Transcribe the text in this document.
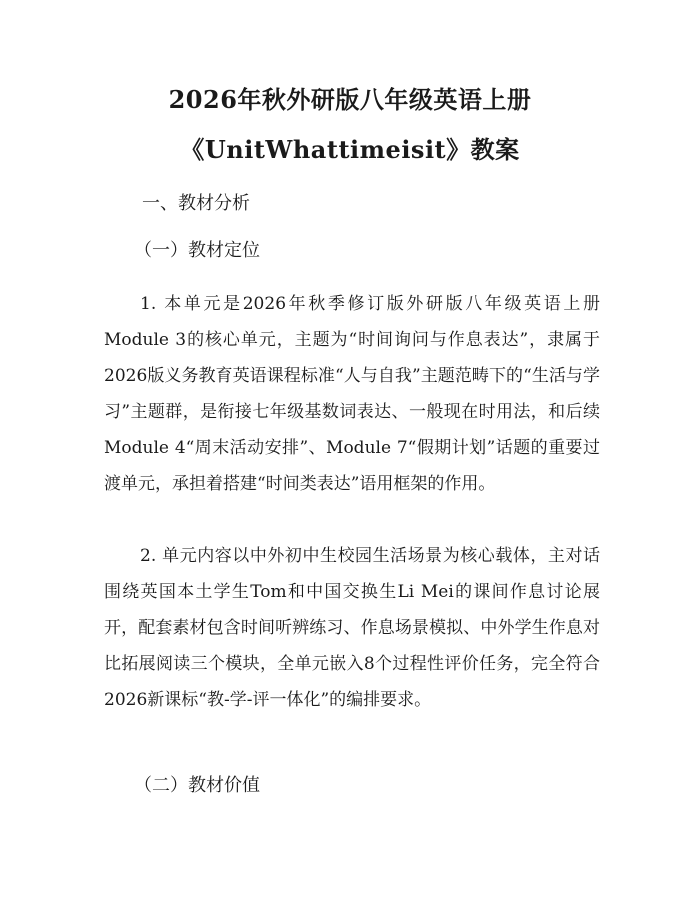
2026年秋外研版八年级英语上册
《UnitWhattimeisit》教案
一、教材分析
（一）教材定位

1. 本单元是2026年秋季修订版外研版八年级英语上册Module 3的核心单元，主题为“时间询问与作息表达”，隶属于2026版义务教育英语课程标准“人与自我”主题范畴下的“生活与学习”主题群，是衔接七年级基数词表达、一般现在时用法，和后续Module 4“周末活动安排”、Module 7“假期计划”话题的重要过渡单元，承担着搭建“时间类表达”语用框架的作用。

2. 单元内容以中外初中生校园生活场景为核心载体，主对话围绕英国本土学生Tom和中国交换生Li Mei的课间作息讨论展开，配套素材包含时间听辨练习、作息场景模拟、中外学生作息对比拓展阅读三个模块，全单元嵌入8个过程性评价任务，完全符合2026新课标“教-学-评一体化”的编排要求。

（二）教材价值
